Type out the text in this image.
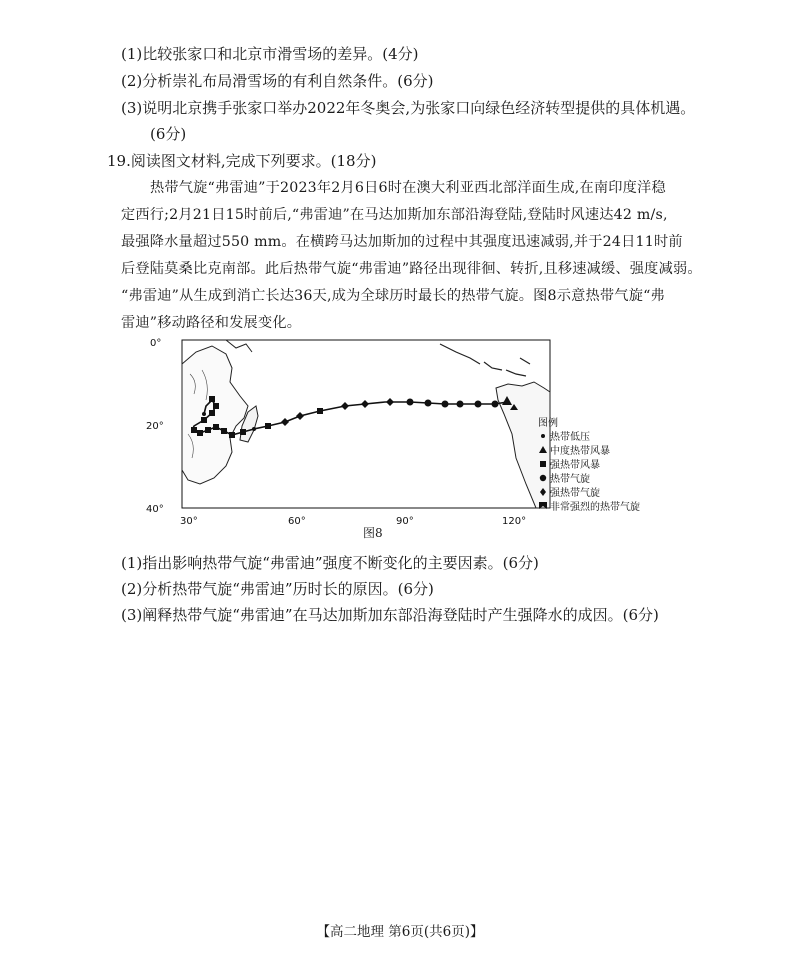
(1)比较张家口和北京市滑雪场的差异。(4分)
(2)分析崇礼布局滑雪场的有利自然条件。(6分)
(3)说明北京携手张家口举办2022年冬奥会,为张家口向绿色经济转型提供的具体机遇。
(6分)
19.阅读图文材料,完成下列要求。(18分)
热带气旋“弗雷迪”于2023年2月6日6时在澳大利亚西北部洋面生成,在南印度洋稳
定西行;2月21日15时前后,“弗雷迪”在马达加斯加东部沿海登陆,登陆时风速达42 m/s,
最强降水量超过550 mm。在横跨马达加斯加的过程中其强度迅速减弱,并于24日11时前
后登陆莫桑比克南部。此后热带气旋“弗雷迪”路径出现徘徊、转折,且移速减缓、强度减弱。
“弗雷迪”从生成到消亡长达36天,成为全球历时最长的热带气旋。图8示意热带气旋“弗
雷迪”移动路径和发展变化。
0°
20°
40°
30°	60°	90°	120°
图例
热带低压
中度热带风暴
强热带风暴
热带气旋
强热带气旋
非常强烈的热带气旋
图8
(1)指出影响热带气旋“弗雷迪”强度不断变化的主要因素。(6分)
(2)分析热带气旋“弗雷迪”历时长的原因。(6分)
(3)阐释热带气旋“弗雷迪”在马达加斯加东部沿海登陆时产生强降水的成因。(6分)
【高二地理 第6页(共6页)】
